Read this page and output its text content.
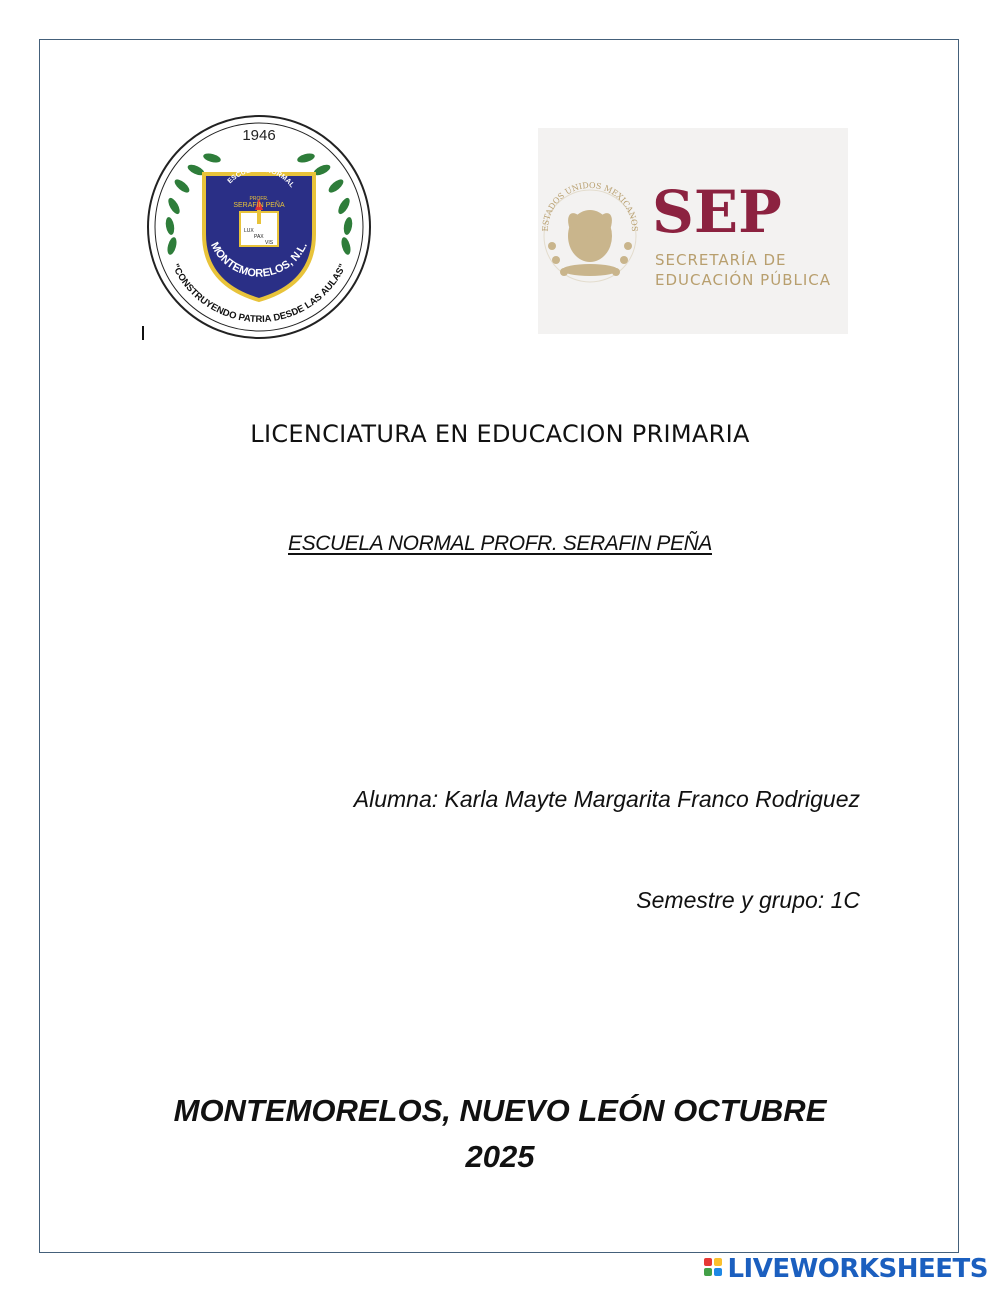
1946
ESCUELA NORMAL
PROFR.
SERAFÍN PEÑA
LUX
PAX
VIS
MONTEMORELOS, N.L.
"CONSTRUYENDO PATRIA DESDE LAS AULAS"
ESTADOS UNIDOS MEXICANOS SEP
SECRETARÍA DE
EDUCACIÓN PÚBLICA
LICENCIATURA EN EDUCACION PRIMARIA
ESCUELA NORMAL PROFR. SERAFIN PEÑA
Alumna: Karla Mayte Margarita Franco Rodriguez
Semestre y grupo: 1C
MONTEMORELOS, NUEVO LEÓN OCTUBRE
2025
LIVEWORKSHEETS
